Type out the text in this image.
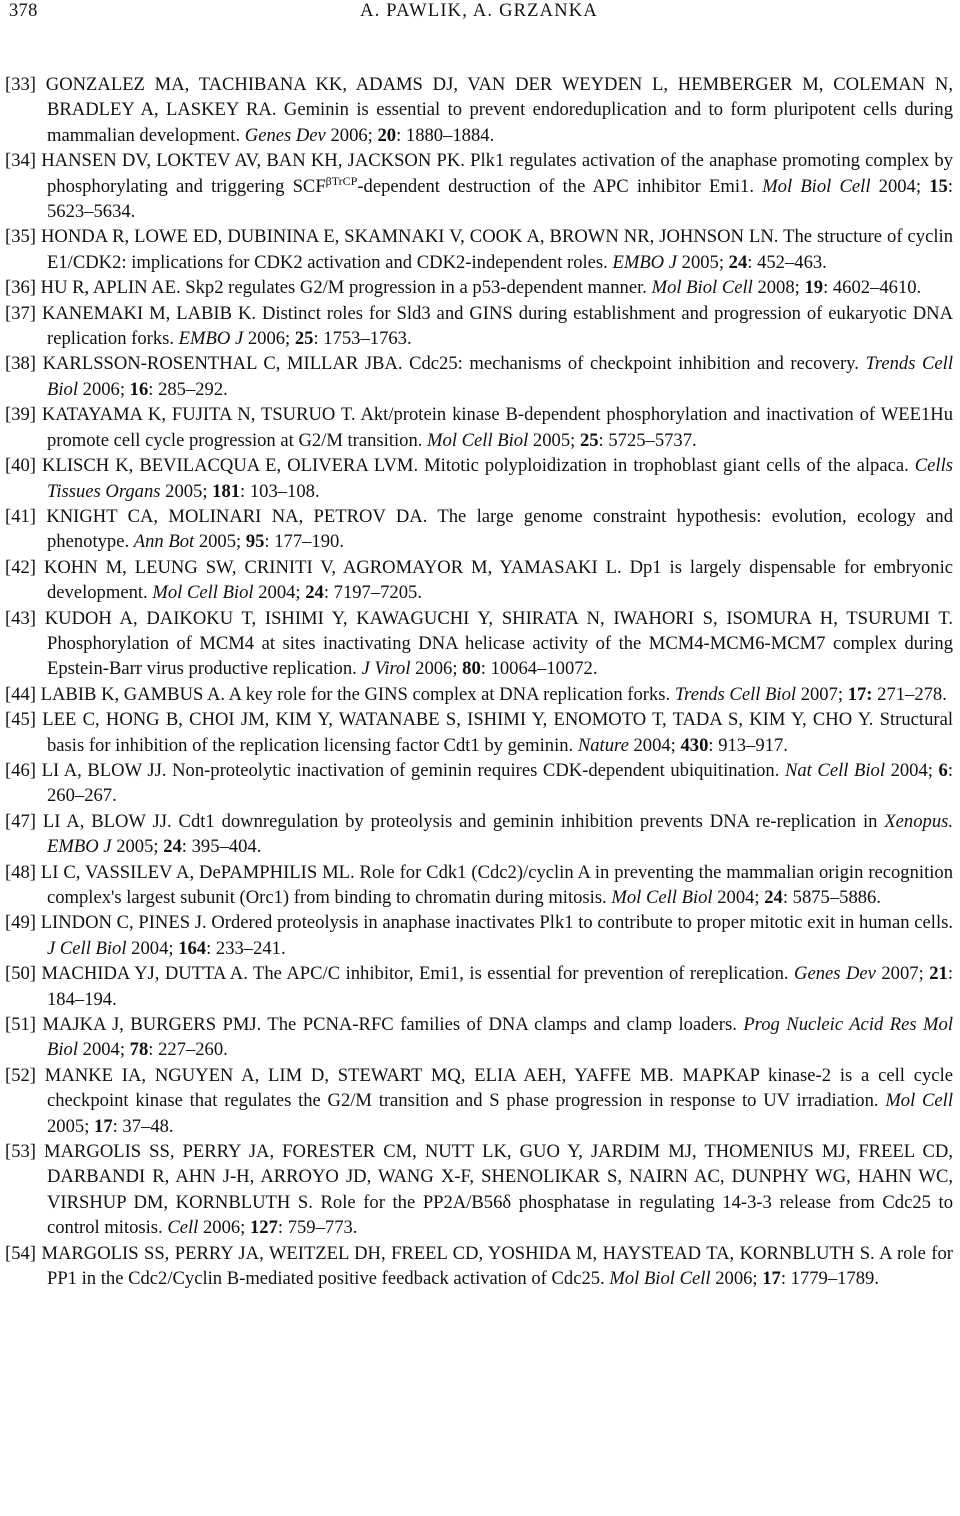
378	A. PAWLIK, A. GRZANKA
[33] GONZALEZ MA, TACHIBANA KK, ADAMS DJ, VAN DER WEYDEN L, HEMBERGER M, COLEMAN N, BRADLEY A, LASKEY RA. Geminin is essential to prevent endoreduplication and to form pluripotent cells during mammalian development. Genes Dev 2006; 20: 1880–1884.
[34] HANSEN DV, LOKTEV AV, BAN KH, JACKSON PK. Plk1 regulates activation of the anaphase promoting complex by phosphorylating and triggering $SCF^{\beta TrCP}$-dependent destruction of the APC inhibitor Emi1. Mol Biol Cell 2004; 15: 5623–5634.
[35] HONDA R, LOWE ED, DUBININA E, SKAMNAKI V, COOK A, BROWN NR, JOHNSON LN. The structure of cyclin E1/CDK2: implications for CDK2 activation and CDK2-independent roles. EMBO J 2005; 24: 452–463.
[36] HU R, APLIN AE. Skp2 regulates G2/M progression in a p53-dependent manner. Mol Biol Cell 2008; 19: 4602–4610.
[37] KANEMAKI M, LABIB K. Distinct roles for Sld3 and GINS during establishment and progression of eukaryotic DNA replication forks. EMBO J 2006; 25: 1753–1763.
[38] KARLSSON-ROSENTHAL C, MILLAR JBA. Cdc25: mechanisms of checkpoint inhibition and recovery. Trends Cell Biol 2006; 16: 285–292.
[39] KATAYAMA K, FUJITA N, TSURUO T. Akt/protein kinase B-dependent phosphorylation and inactivation of WEE1Hu promote cell cycle progression at G2/M transition. Mol Cell Biol 2005; 25: 5725–5737.
[40] KLISCH K, BEVILACQUA E, OLIVERA LVM. Mitotic polyploidization in trophoblast giant cells of the alpaca. Cells Tissues Organs 2005; 181: 103–108.
[41] KNIGHT CA, MOLINARI NA, PETROV DA. The large genome constraint hypothesis: evolution, ecology and phenotype. Ann Bot 2005; 95: 177–190.
[42] KOHN M, LEUNG SW, CRINITI V, AGROMAYOR M, YAMASAKI L. Dp1 is largely dispensable for embryonic development. Mol Cell Biol 2004; 24: 7197–7205.
[43] KUDOH A, DAIKOKU T, ISHIMI Y, KAWAGUCHI Y, SHIRATA N, IWAHORI S, ISOMURA H, TSURUMI T. Phosphorylation of MCM4 at sites inactivating DNA helicase activity of the MCM4-MCM6-MCM7 complex during Epstein-Barr virus productive replication. J Virol 2006; 80: 10064–10072.
[44] LABIB K, GAMBUS A. A key role for the GINS complex at DNA replication forks. Trends Cell Biol 2007; 17: 271–278.
[45] LEE C, HONG B, CHOI JM, KIM Y, WATANABE S, ISHIMI Y, ENOMOTO T, TADA S, KIM Y, CHO Y. Structural basis for inhibition of the replication licensing factor Cdt1 by geminin. Nature 2004; 430: 913–917.
[46] LI A, BLOW JJ. Non-proteolytic inactivation of geminin requires CDK-dependent ubiquitination. Nat Cell Biol 2004; 6: 260–267.
[47] LI A, BLOW JJ. Cdt1 downregulation by proteolysis and geminin inhibition prevents DNA re-replication in Xenopus. EMBO J 2005; 24: 395–404.
[48] LI C, VASSILEV A, DePAMPHILIS ML. Role for Cdk1 (Cdc2)/cyclin A in preventing the mammalian origin recognition complex's largest subunit (Orc1) from binding to chromatin during mitosis. Mol Cell Biol 2004; 24: 5875–5886.
[49] LINDON C, PINES J. Ordered proteolysis in anaphase inactivates Plk1 to contribute to proper mitotic exit in human cells. J Cell Biol 2004; 164: 233–241.
[50] MACHIDA YJ, DUTTA A. The APC/C inhibitor, Emi1, is essential for prevention of rereplication. Genes Dev 2007; 21: 184–194.
[51] MAJKA J, BURGERS PMJ. The PCNA-RFC families of DNA clamps and clamp loaders. Prog Nucleic Acid Res Mol Biol 2004; 78: 227–260.
[52] MANKE IA, NGUYEN A, LIM D, STEWART MQ, ELIA AEH, YAFFE MB. MAPKAP kinase-2 is a cell cycle checkpoint kinase that regulates the G2/M transition and S phase progression in response to UV irradiation. Mol Cell 2005; 17: 37–48.
[53] MARGOLIS SS, PERRY JA, FORESTER CM, NUTT LK, GUO Y, JARDIM MJ, THOMENIUS MJ, FREEL CD, DARBANDI R, AHN J-H, ARROYO JD, WANG X-F, SHENOLIKAR S, NAIRN AC, DUNPHY WG, HAHN WC, VIRSHUP DM, KORNBLUTH S. Role for the PP2A/B56δ phosphatase in regulating 14-3-3 release from Cdc25 to control mitosis. Cell 2006; 127: 759–773.
[54] MARGOLIS SS, PERRY JA, WEITZEL DH, FREEL CD, YOSHIDA M, HAYSTEAD TA, KORNBLUTH S. A role for PP1 in the Cdc2/Cyclin B-mediated positive feedback activation of Cdc25. Mol Biol Cell 2006; 17: 1779–1789.
